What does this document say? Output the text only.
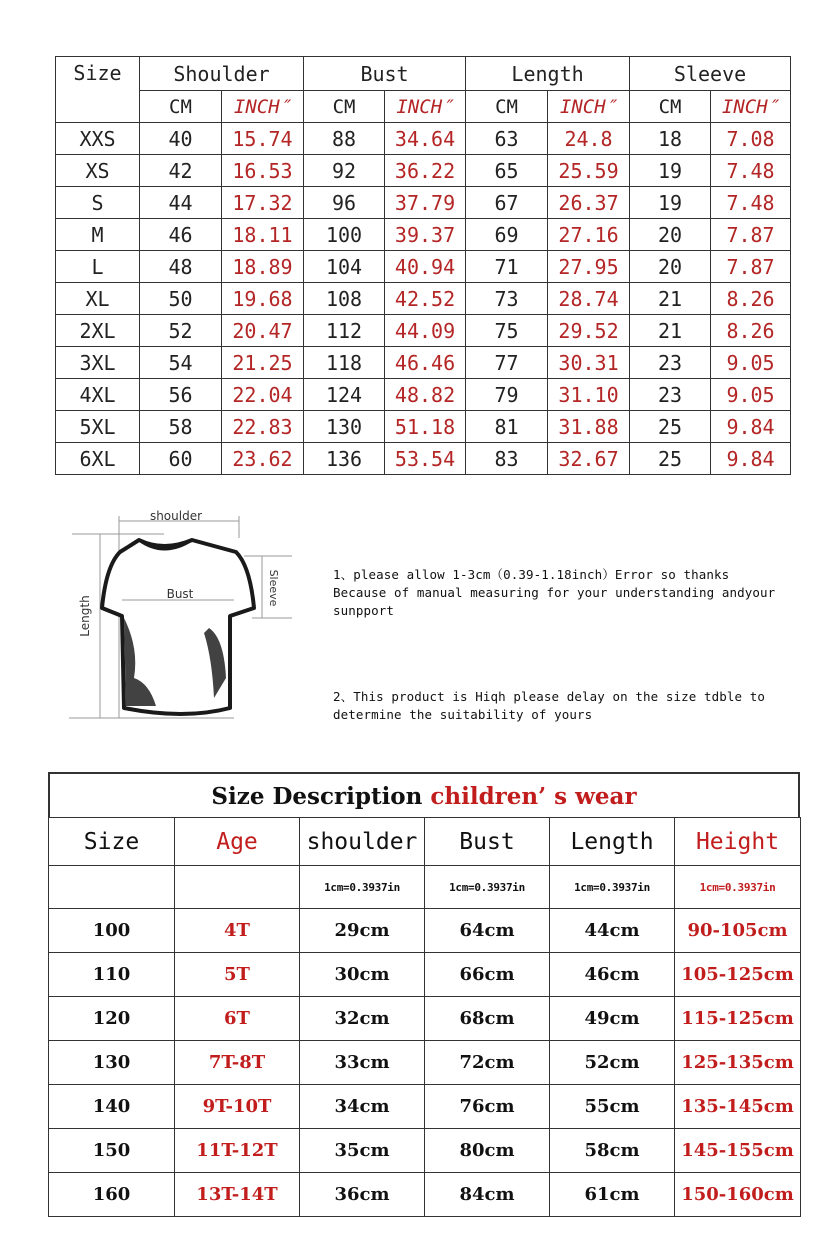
Size	Shoulder		Bust		Length		Sleeve	
	CM	INCH″	CM	INCH″	CM	INCH″	CM	INCH″
XXS	40	15.74	88	34.64	63	24.8	18	7.08
XS	42	16.53	92	36.22	65	25.59	19	7.48
S	44	17.32	96	37.79	67	26.37	19	7.48
M	46	18.11	100	39.37	69	27.16	20	7.87
L	48	18.89	104	40.94	71	27.95	20	7.87
XL	50	19.68	108	42.52	73	28.74	21	8.26
2XL	52	20.47	112	44.09	75	29.52	21	8.26
3XL	54	21.25	118	46.46	77	30.31	23	9.05
4XL	56	22.04	124	48.82	79	31.10	23	9.05
5XL	58	22.83	130	51.18	81	31.88	25	9.84
6XL	60	23.62	136	53.54	83	32.67	25	9.84
shoulder
Length
Sleeve
Bust
1、please allow 1-3cm（0.39-1.18inch）Error so thanks
Because of manual measuring for your understanding andyour
sunpport
2、This product is Hiqh please delay on the size tdble to
determine the suitability of yours
Size Description children’ s wear
Size	Age	shoulder	Bust	Length	Height
		1cm=0.3937in	1cm=0.3937in	1cm=0.3937in	1cm=0.3937in
100	4T	29cm	64cm	44cm	90-105cm
110	5T	30cm	66cm	46cm	105-125cm
120	6T	32cm	68cm	49cm	115-125cm
130	7T-8T	33cm	72cm	52cm	125-135cm
140	9T-10T	34cm	76cm	55cm	135-145cm
150	11T-12T	35cm	80cm	58cm	145-155cm
160	13T-14T	36cm	84cm	61cm	150-160cm
